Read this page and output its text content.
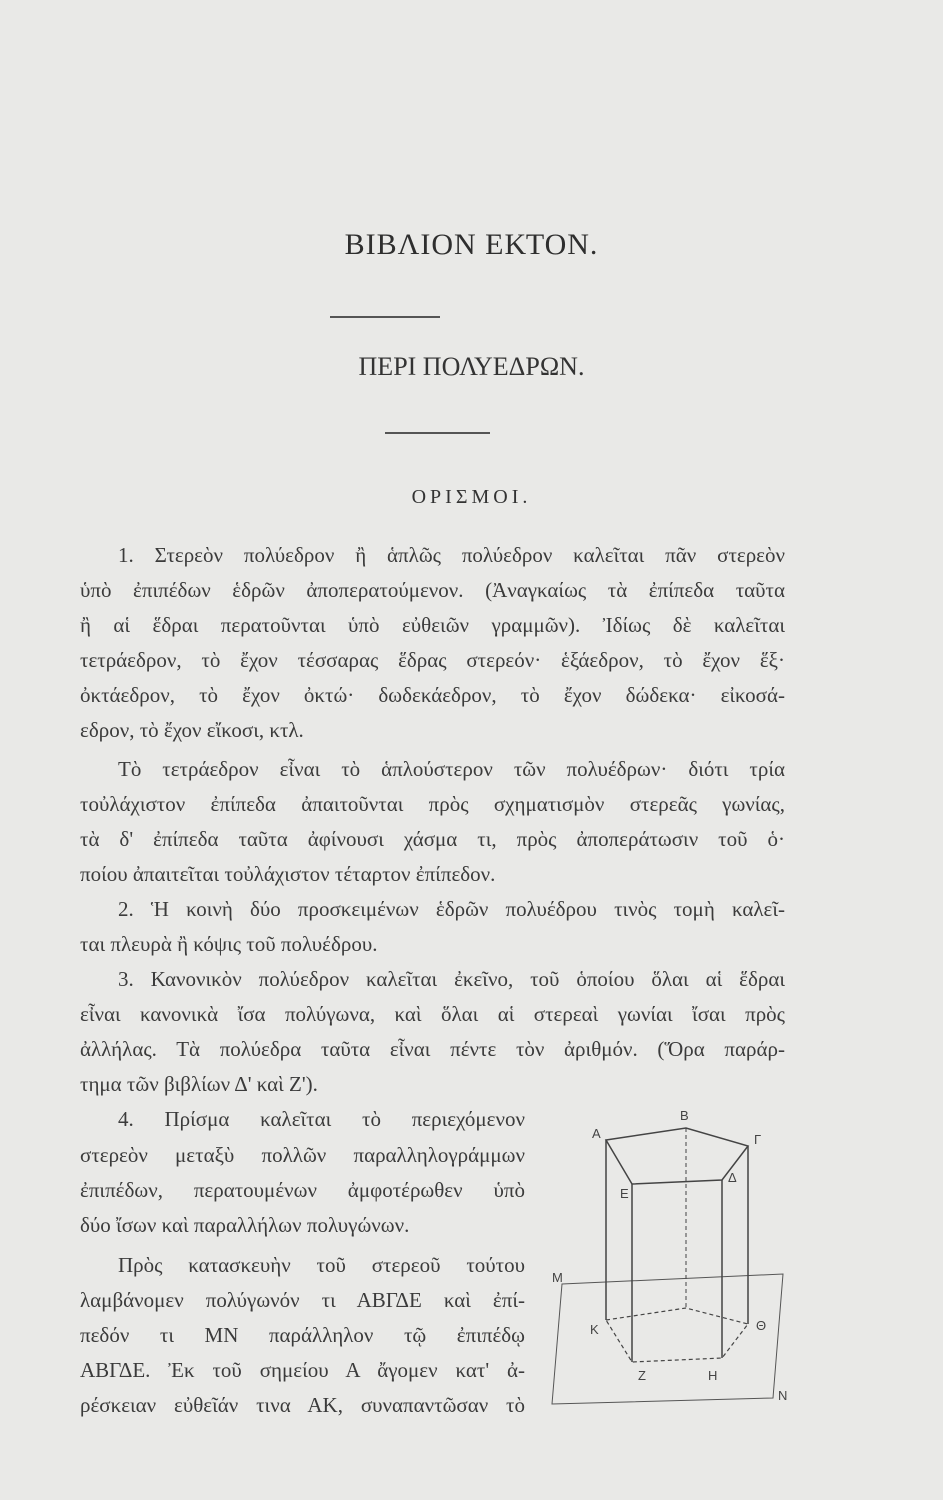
ΒΙΒΛΙΟΝ ΕΚΤΟΝ.
ΠΕΡΙ ΠΟΛΥΕΔΡΩΝ.
ΟΡΙΣΜΟΙ.
1. Στερεὸν πολύεδρον ἢ ἁπλῶς πολύεδρον καλεῖται πᾶν στερεὸν
ὑπὸ ἐπιπέδων ἑδρῶν ἀποπερατούμενον. (Ἀναγκαίως τὰ ἐπίπεδα ταῦτα
ἢ αἱ ἕδραι περατοῦνται ὑπὸ εὐθειῶν γραμμῶν). Ἰδίως δὲ καλεῖται
τετράεδρον, τὸ ἔχον τέσσαρας ἕδρας στερεόν· ἑξάεδρον, τὸ ἔχον ἕξ·
ὀκτάεδρον, τὸ ἔχον ὀκτώ· δωδεκάεδρον, τὸ ἔχον δώδεκα· εἰκοσά-
εδρον, τὸ ἔχον εἴκοσι, κτλ.
Τὸ τετράεδρον εἶναι τὸ ἁπλούστερον τῶν πολυέδρων· διότι τρία
τοὐλάχιστον ἐπίπεδα ἀπαιτοῦνται πρὸς σχηματισμὸν στερεᾶς γωνίας,
τὰ δ' ἐπίπεδα ταῦτα ἀφίνουσι χάσμα τι, πρὸς ἀποπεράτωσιν τοῦ ὁ·
ποίου ἀπαιτεῖται τοὐλάχιστον τέταρτον ἐπίπεδον.
2. Ἡ κοινὴ δύο προσκειμένων ἑδρῶν πολυέδρου τινὸς τομὴ καλεῖ-
ται πλευρὰ ἢ κόψις τοῦ πολυέδρου.
3. Κανονικὸν πολύεδρον καλεῖται ἐκεῖνο, τοῦ ὁποίου ὅλαι αἱ ἕδραι
εἶναι κανονικὰ ἴσα πολύγωνα, καὶ ὅλαι αἱ στερεαὶ γωνίαι ἴσαι πρὸς
ἀλλήλας. Τὰ πολύεδρα ταῦτα εἶναι πέντε τὸν ἀριθμόν. (Ὅρα παράρ-
τημα τῶν βιβλίων Δ' καὶ Ζ').
4. Πρίσμα καλεῖται τὸ περιεχόμενον
στερεὸν μεταξὺ πολλῶν παραλληλογράμμων
ἐπιπέδων, περατουμένων ἀμφοτέρωθεν ὑπὸ
δύο ἴσων καὶ παραλλήλων πολυγώνων.
Πρὸς κατασκευὴν τοῦ στερεοῦ τούτου
λαμβάνομεν πολύγωνόν τι ΑΒΓΔΕ καὶ ἐπί-
πεδόν τι ΜΝ παράλληλον τῷ ἐπιπέδῳ
ΑΒΓΔΕ. Ἐκ τοῦ σημείου Α ἄγομεν κατ' ἀ-
ρέσκειαν εὐθεῖάν τινα ΑΚ, συναπαντῶσαν τὸ
Β
Α	Γ
Δ
Ε
Μ
Κ	Θ
Ζ	Η
Ν
